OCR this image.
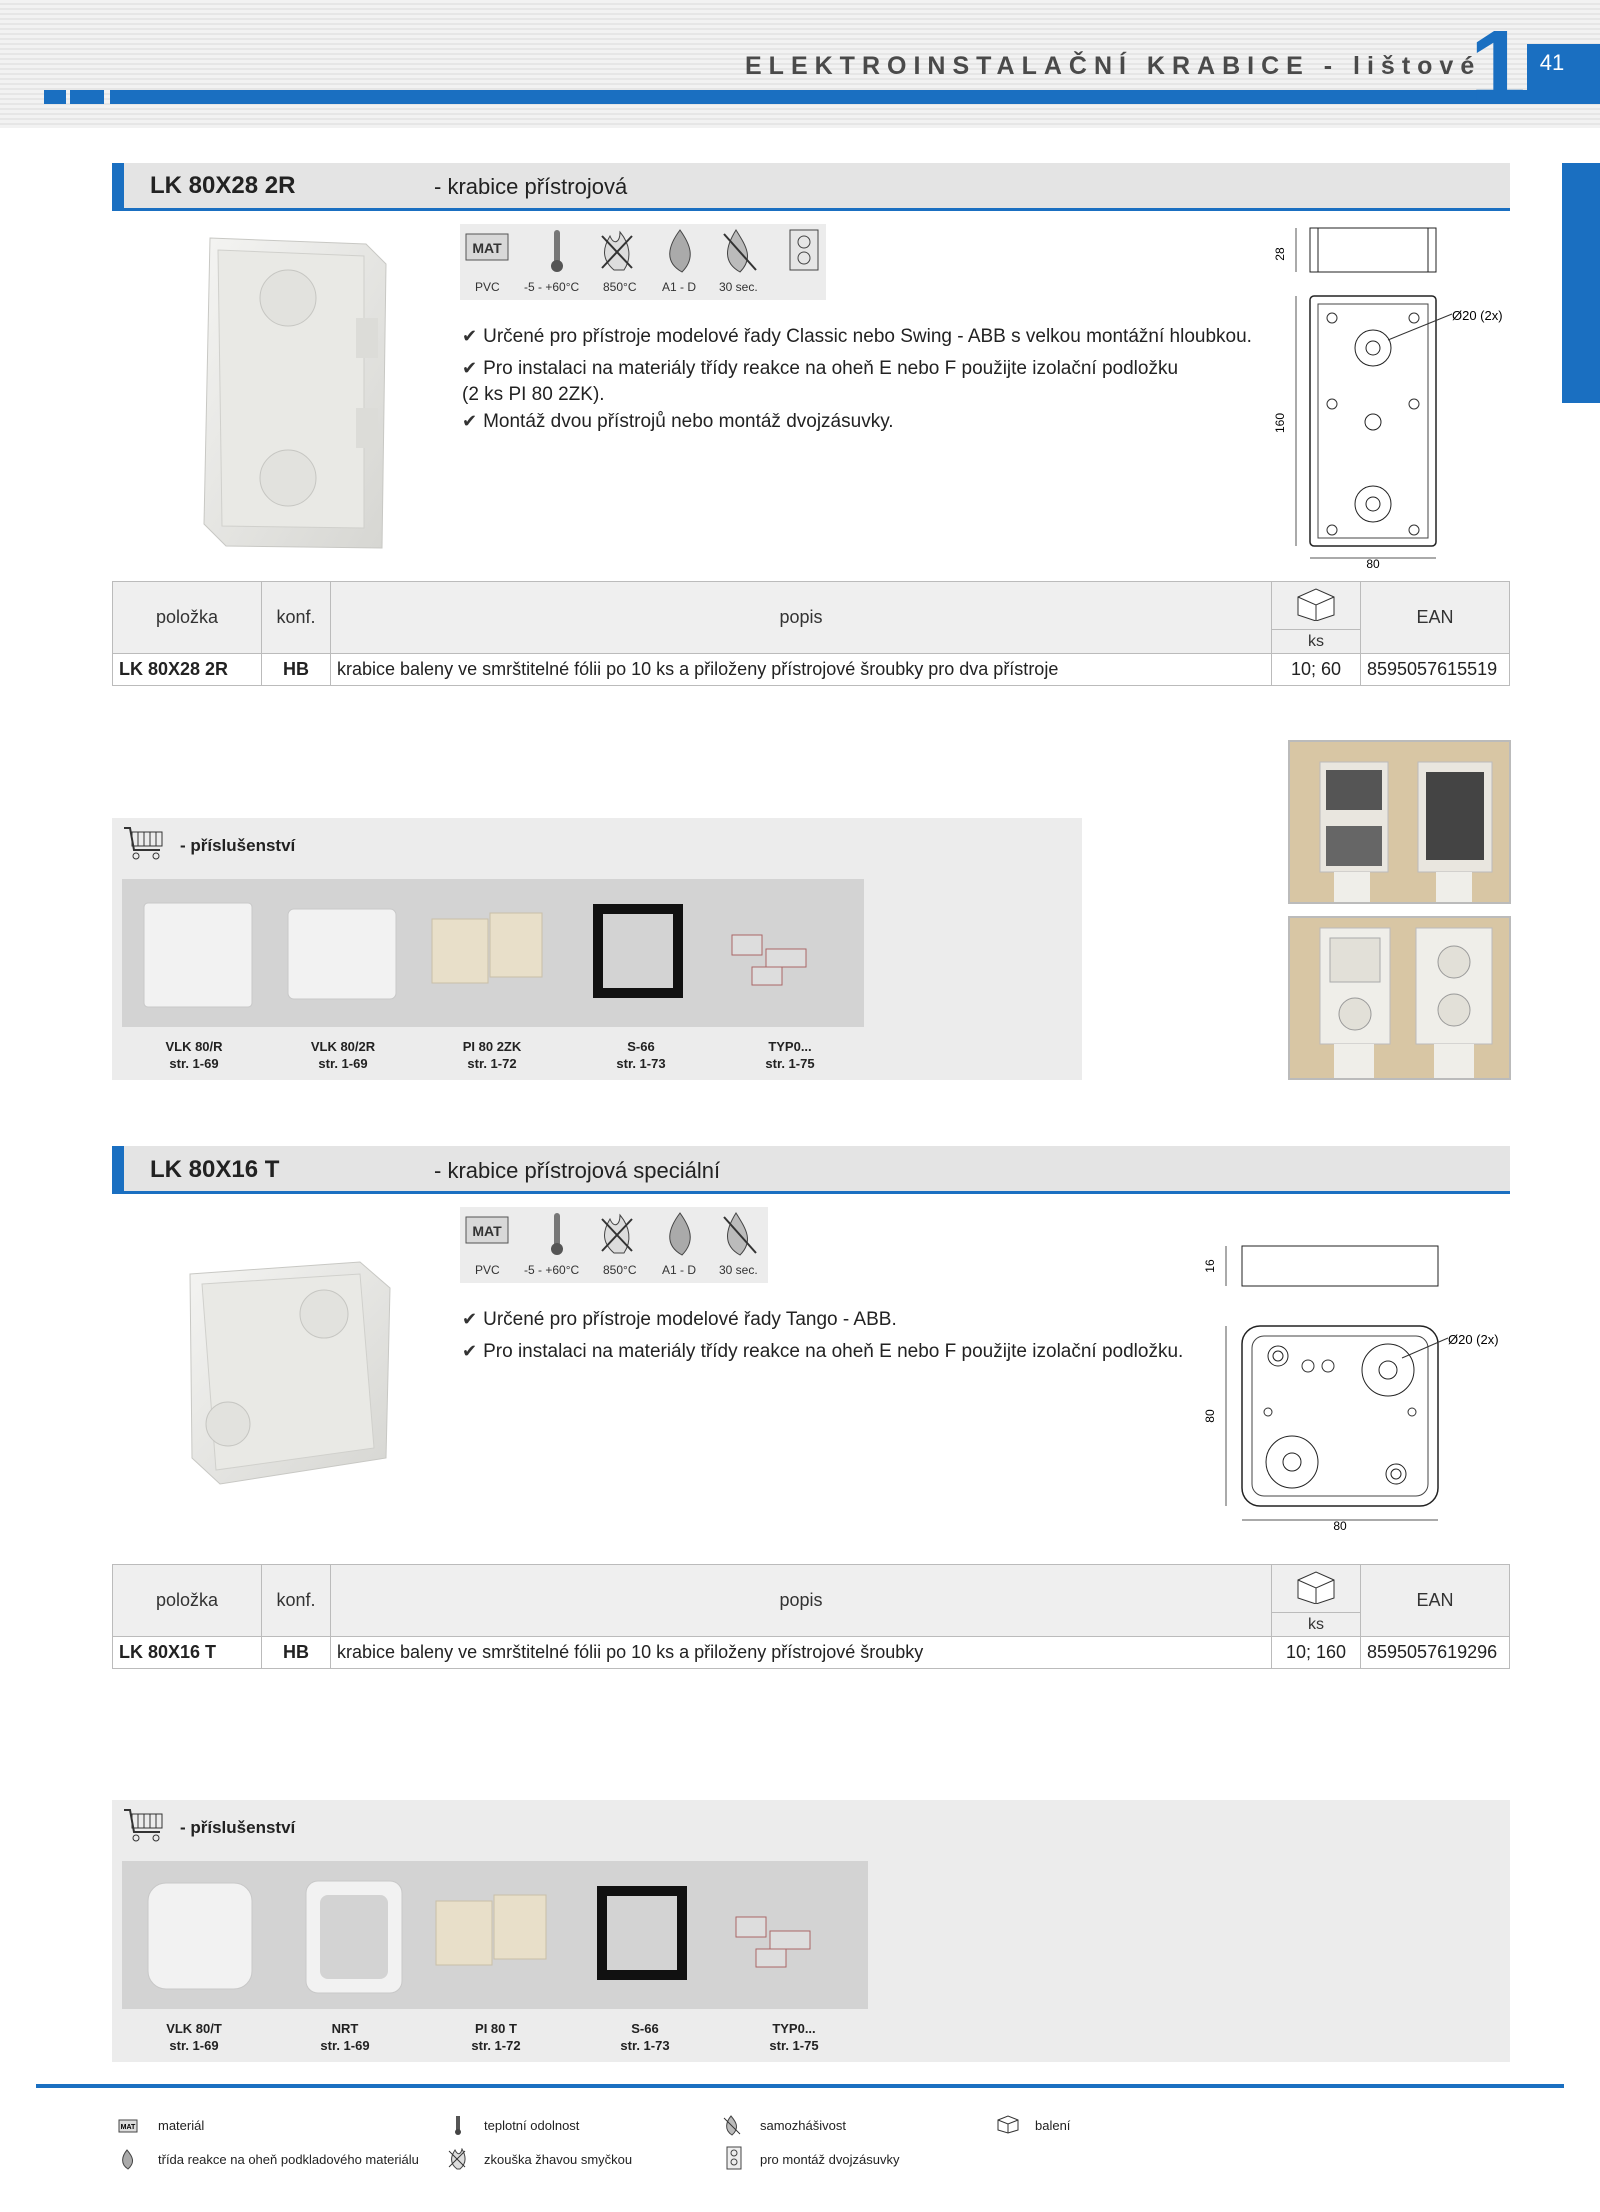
ELEKTROINSTALAČNÍ KRABICE - lištové
1 41
LK 80X28 2R	- krabice přístrojová
MAT
PVC -5 - +60°C 850°C A1 - D 30 sec.
✔ Určené pro přístroje modelové řady Classic nebo Swing - ABB s velkou montážní hloubkou.
✔ Pro instalaci na materiály třídy reakce na oheň E nebo F použijte izolační podložku
(2 ks PI 80 2ZK).
✔ Montáž dvou přístrojů nebo montáž dvojzásuvky.
28
160
80
Ø20 (2x)
položka	konf.	popis		EAN
			ks	
LK 80X28 2R	HB	krabice baleny ve smrštitelné fólii po 10 ks a přiloženy přístrojové šroubky pro dva přístroje	10; 60	8595057615519
- příslušenství
VLK 80/R
str. 1-69
VLK 80/2R
str. 1-69
PI 80 2ZK
str. 1-72
S-66
str. 1-73
TYP0...
str. 1-75
LK 80X16 T	- krabice přístrojová speciální
MAT
PVC -5 - +60°C 850°C A1 - D 30 sec.
✔ Určené pro přístroje modelové řady Tango - ABB.
✔ Pro instalaci na materiály třídy reakce na oheň E nebo F použijte izolační podložku.
16
80
80
Ø20 (2x)
položka	konf.	popis		EAN
			ks	
LK 80X16 T	HB	krabice baleny ve smrštitelné fólii po 10 ks a přiloženy přístrojové šroubky	10; 160	8595057619296
- příslušenství
VLK 80/T
str. 1-69
NRT
str. 1-69
PI 80 T
str. 1-72
S-66
str. 1-73
TYP0...
str. 1-75
MAT materiál	teplotní odolnost	samozhášivost	balení
třída reakce na oheň podkladového materiálu	zkouška žhavou smyčkou	pro montáž dvojzásuvky
